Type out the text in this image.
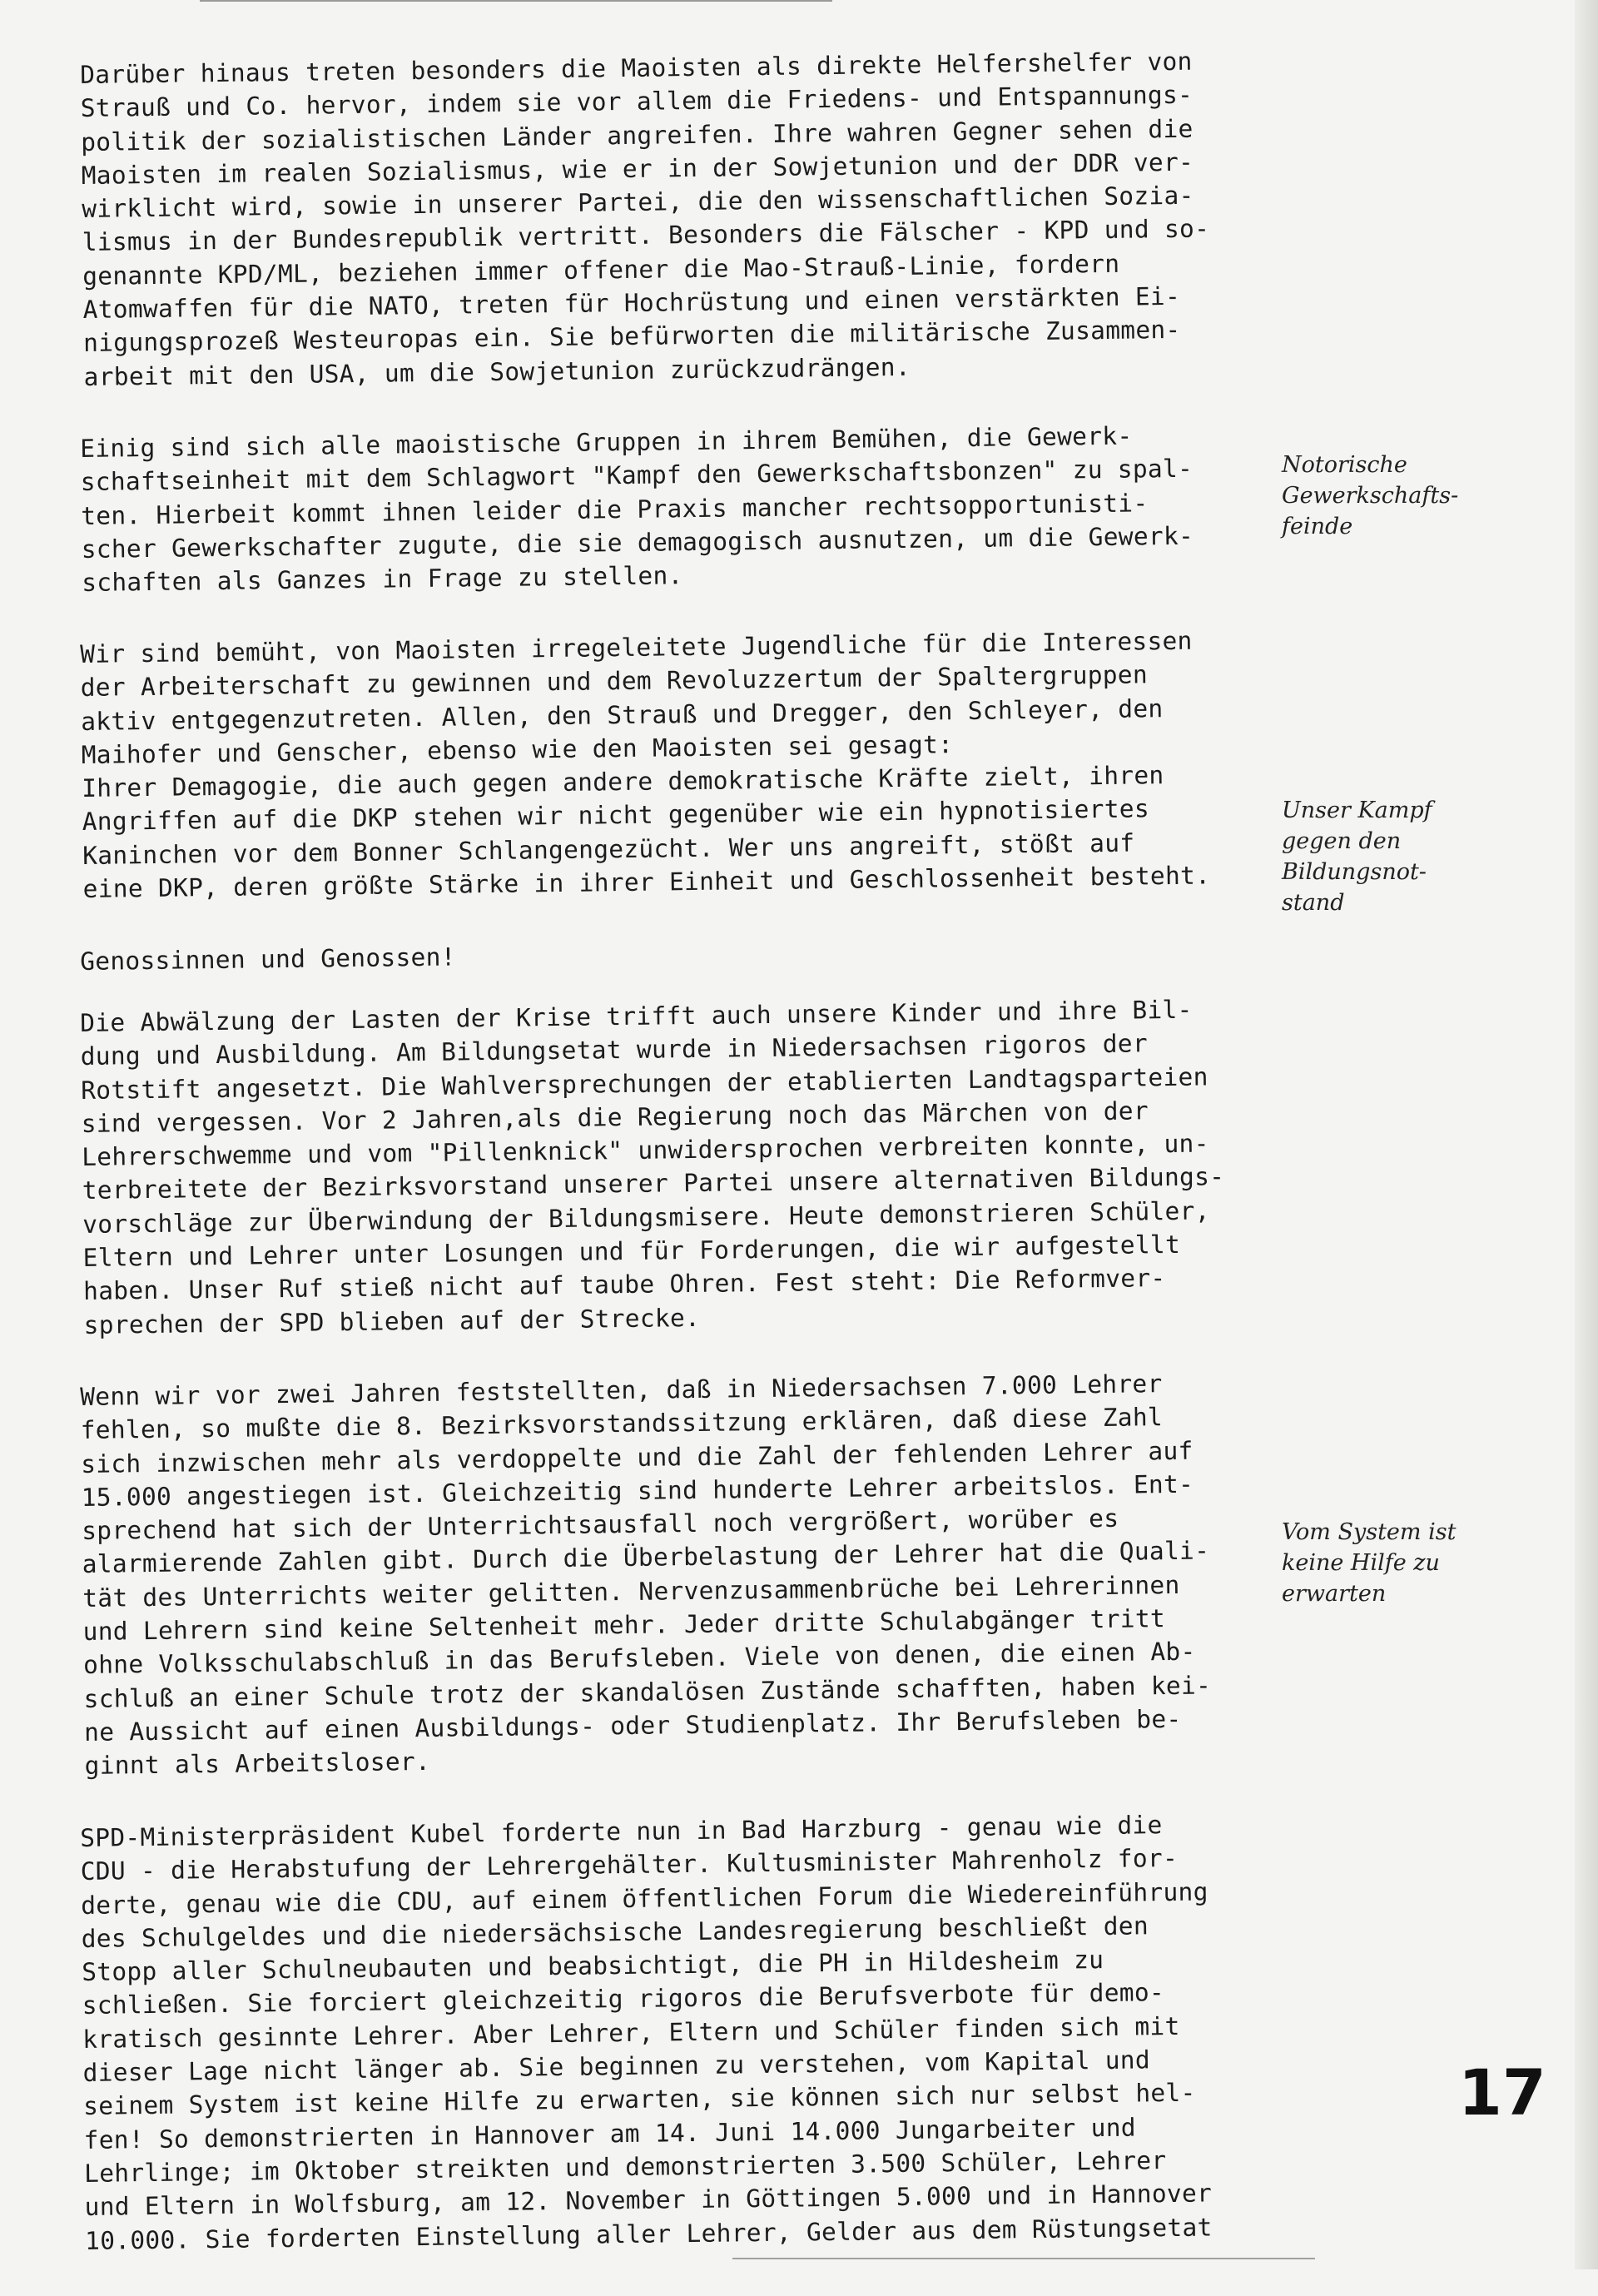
Darüber hinaus treten besonders die Maoisten als direkte Helfershelfer von
Strauß und Co. hervor, indem sie vor allem die Friedens- und Entspannungs-
politik der sozialistischen Länder angreifen. Ihre wahren Gegner sehen die
Maoisten im realen Sozialismus, wie er in der Sowjetunion und der DDR ver-
wirklicht wird, sowie in unserer Partei, die den wissenschaftlichen Sozia-
lismus in der Bundesrepublik vertritt. Besonders die Fälscher - KPD und so-
genannte KPD/ML, beziehen immer offener die Mao-Strauß-Linie, fordern
Atomwaffen für die NATO, treten für Hochrüstung und einen verstärkten Ei-
nigungsprozeß Westeuropas ein. Sie befürworten die militärische Zusammen-
arbeit mit den USA, um die Sowjetunion zurückzudrängen.

Einig sind sich alle maoistische Gruppen in ihrem Bemühen, die Gewerk-
schaftseinheit mit dem Schlagwort "Kampf den Gewerkschaftsbonzen" zu spal-
ten. Hierbeit kommt ihnen leider die Praxis mancher rechtsopportunisti-
scher Gewerkschafter zugute, die sie demagogisch ausnutzen, um die Gewerk-
schaften als Ganzes in Frage zu stellen.

Wir sind bemüht, von Maoisten irregeleitete Jugendliche für die Interessen
der Arbeiterschaft zu gewinnen und dem Revoluzzertum der Spaltergruppen
aktiv entgegenzutreten. Allen, den Strauß und Dregger, den Schleyer, den
Maihofer und Genscher, ebenso wie den Maoisten sei gesagt:
Ihrer Demagogie, die auch gegen andere demokratische Kräfte zielt, ihren
Angriffen auf die DKP stehen wir nicht gegenüber wie ein hypnotisiertes
Kaninchen vor dem Bonner Schlangengezücht. Wer uns angreift, stößt auf
eine DKP, deren größte Stärke in ihrer Einheit und Geschlossenheit besteht.

Genossinnen und Genossen!

Die Abwälzung der Lasten der Krise trifft auch unsere Kinder und ihre Bil-
dung und Ausbildung. Am Bildungsetat wurde in Niedersachsen rigoros der
Rotstift angesetzt. Die Wahlversprechungen der etablierten Landtagsparteien
sind vergessen. Vor 2 Jahren,als die Regierung noch das Märchen von der
Lehrerschwemme und vom "Pillenknick" unwidersprochen verbreiten konnte, un-
terbreitete der Bezirksvorstand unserer Partei unsere alternativen Bildungs-
vorschläge zur Überwindung der Bildungsmisere. Heute demonstrieren Schüler,
Eltern und Lehrer unter Losungen und für Forderungen, die wir aufgestellt
haben. Unser Ruf stieß nicht auf taube Ohren. Fest steht: Die Reformver-
sprechen der SPD blieben auf der Strecke.

Wenn wir vor zwei Jahren feststellten, daß in Niedersachsen 7.000 Lehrer
fehlen, so mußte die 8. Bezirksvorstandssitzung erklären, daß diese Zahl
sich inzwischen mehr als verdoppelte und die Zahl der fehlenden Lehrer auf
15.000 angestiegen ist. Gleichzeitig sind hunderte Lehrer arbeitslos. Ent-
sprechend hat sich der Unterrichtsausfall noch vergrößert, worüber es
alarmierende Zahlen gibt. Durch die Überbelastung der Lehrer hat die Quali-
tät des Unterrichts weiter gelitten. Nervenzusammenbrüche bei Lehrerinnen
und Lehrern sind keine Seltenheit mehr. Jeder dritte Schulabgänger tritt
ohne Volksschulabschluß in das Berufsleben. Viele von denen, die einen Ab-
schluß an einer Schule trotz der skandalösen Zustände schafften, haben kei-
ne Aussicht auf einen Ausbildungs- oder Studienplatz. Ihr Berufsleben be-
ginnt als Arbeitsloser.

SPD-Ministerpräsident Kubel forderte nun in Bad Harzburg - genau wie die
CDU - die Herabstufung der Lehrergehälter. Kultusminister Mahrenholz for-
derte, genau wie die CDU, auf einem öffentlichen Forum die Wiedereinführung
des Schulgeldes und die niedersächsische Landesregierung beschließt den
Stopp aller Schulneubauten und beabsichtigt, die PH in Hildesheim zu
schließen. Sie forciert gleichzeitig rigoros die Berufsverbote für demo-
kratisch gesinnte Lehrer. Aber Lehrer, Eltern und Schüler finden sich mit
dieser Lage nicht länger ab. Sie beginnen zu verstehen, vom Kapital und
seinem System ist keine Hilfe zu erwarten, sie können sich nur selbst hel-
fen! So demonstrierten in Hannover am 14. Juni 14.000 Jungarbeiter und
Lehrlinge; im Oktober streikten und demonstrierten 3.500 Schüler, Lehrer
und Eltern in Wolfsburg, am 12. November in Göttingen 5.000 und in Hannover
10.000. Sie forderten Einstellung aller Lehrer, Gelder aus dem Rüstungsetat

Notorische
Gewerkschafts-
feinde
Unser Kampf
gegen den
Bildungsnot-
stand
Vom System ist
keine Hilfe zu
erwarten
17
